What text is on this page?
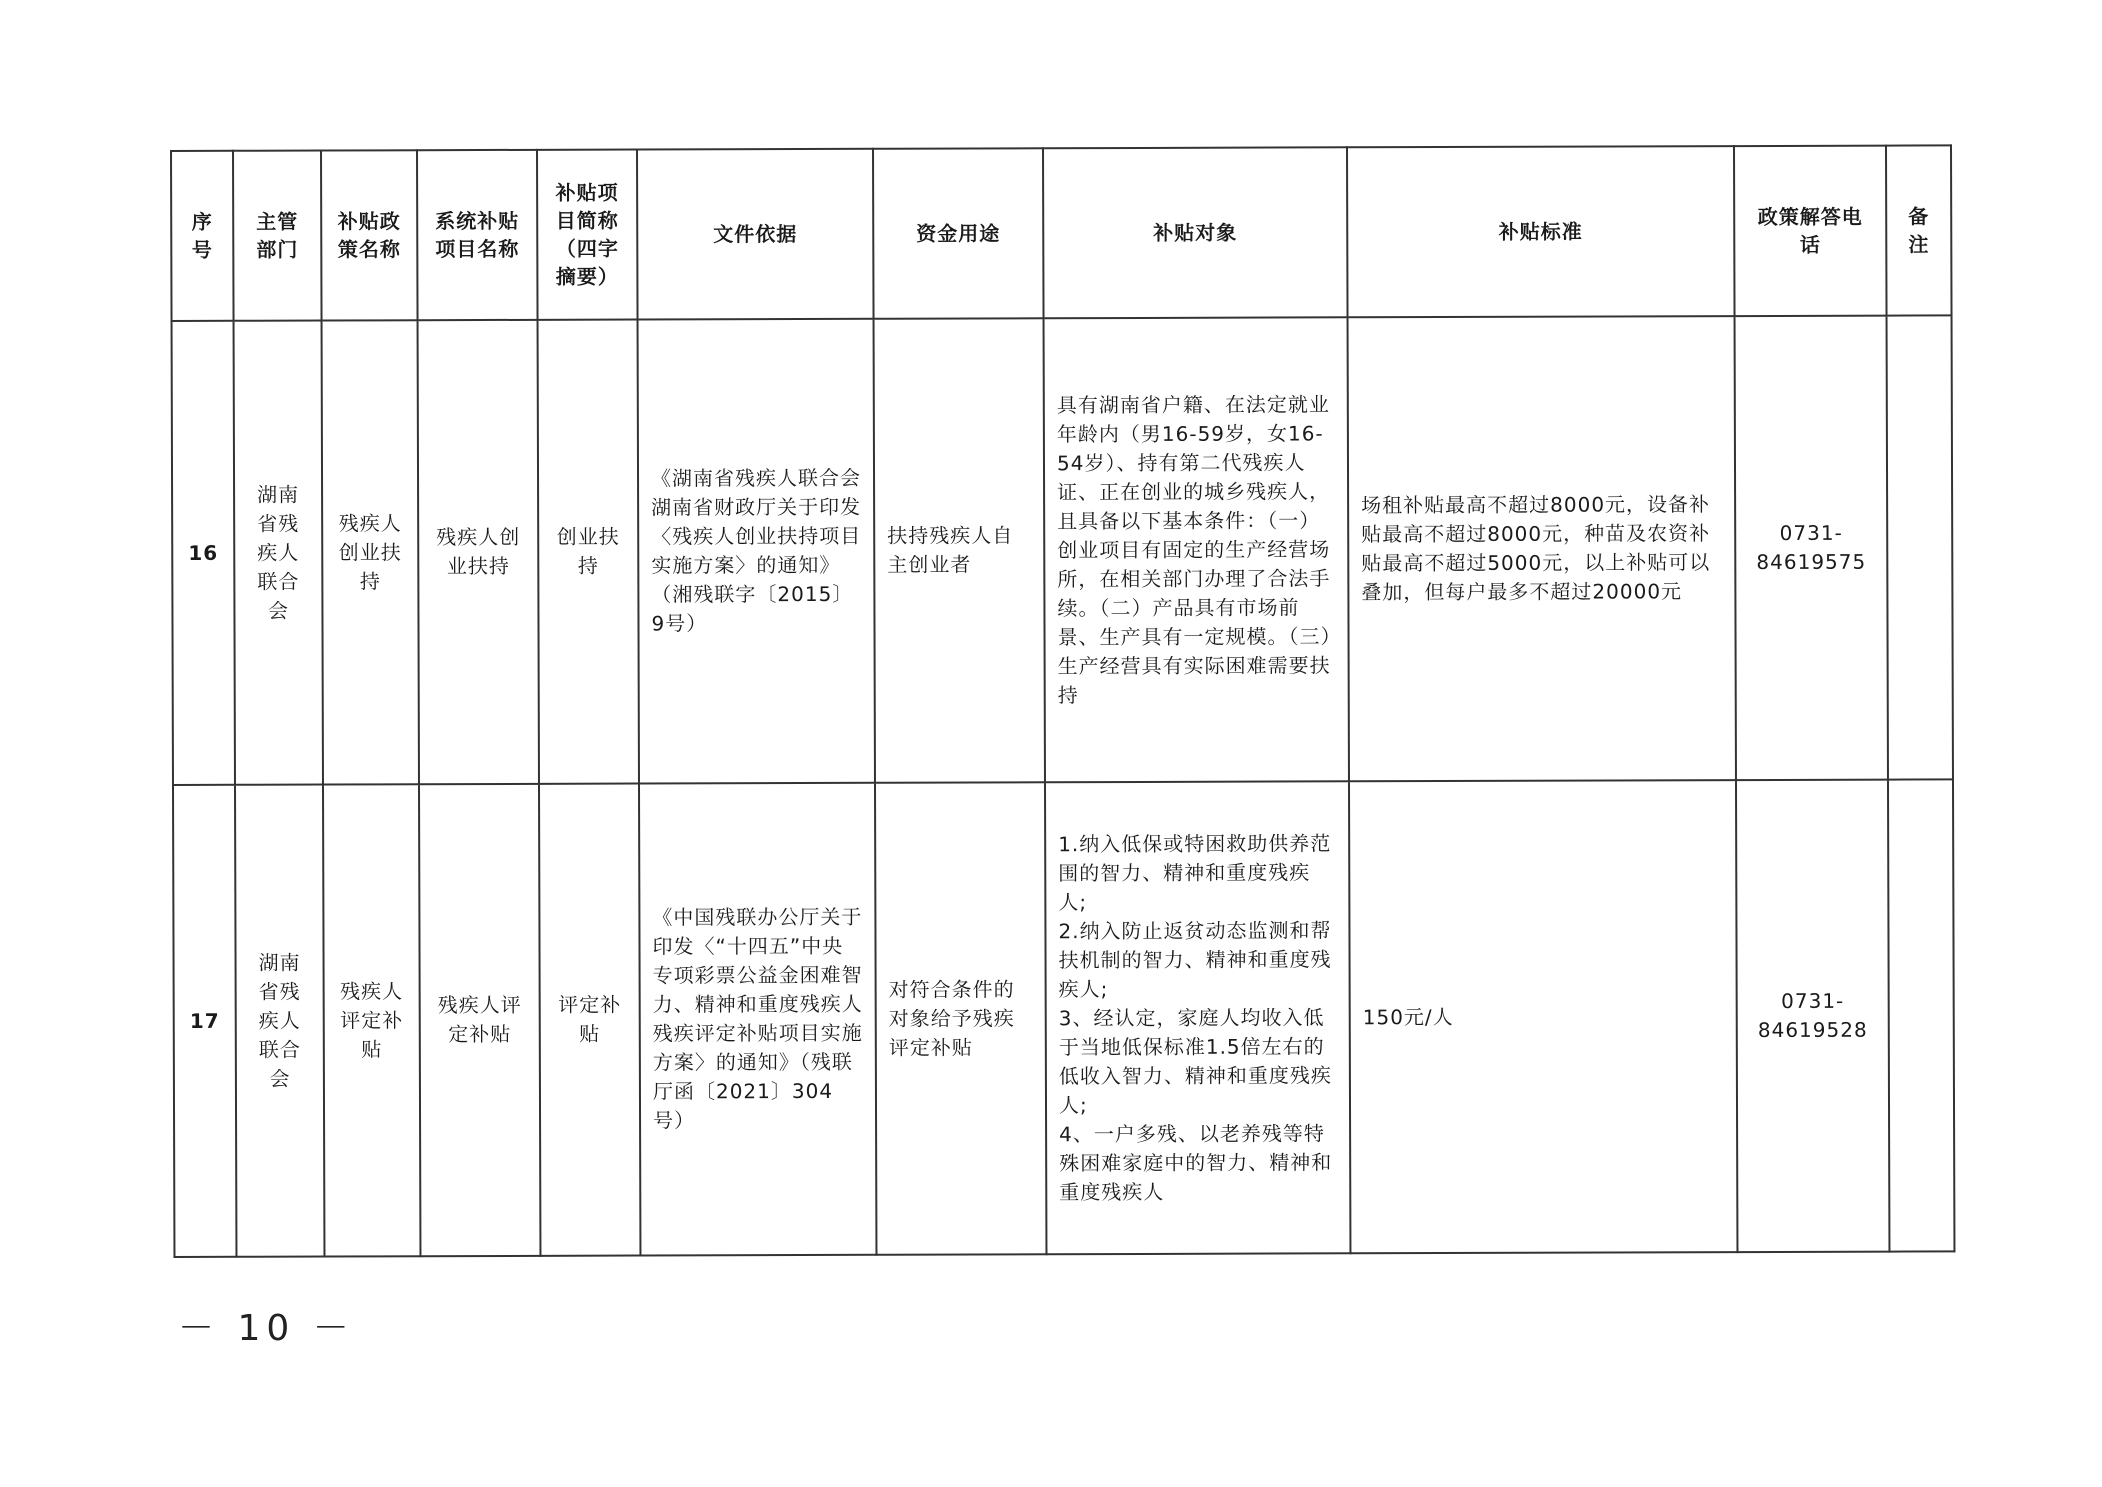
序号	主管部门	补贴政策名称	系统补贴项目名称	补贴项目简称（四字摘要）	文件依据	资金用途	补贴对象	补贴标准	政策解答电话	备注
16	湖南省残疾人联合会	残疾人创业扶持	残疾人创业扶持	创业扶持	《湖南省残疾人联合会 湖南省财政厅关于印发〈残疾人创业扶持项目实施方案〉的通知》（湘残联字〔2015〕9号）	扶持残疾人自主创业者	具有湖南省户籍、在法定就业年龄内（男16-59岁，女16-54岁）、持有第二代残疾人证、正在创业的城乡残疾人，且具备以下基本条件：（一）创业项目有固定的生产经营场所，在相关部门办理了合法手续。（二）产品具有市场前景、生产具有一定规模。（三）生产经营具有实际困难需要扶持	场租补贴最高不超过8000元，设备补贴最高不超过8000元，种苗及农资补贴最高不超过5000元，以上补贴可以叠加，但每户最多不超过20000元	0731-84619575	
17	湖南省残疾人联合会	残疾人评定补贴	残疾人评定补贴	评定补贴	《中国残联办公厅关于印发〈“十四五”中央专项彩票公益金困难智力、精神和重度残疾人残疾评定补贴项目实施方案〉的通知》（残联厅函〔2021〕304号）	对符合条件的对象给予残疾评定补贴	1.纳入低保或特困救助供养范围的智力、精神和重度残疾人;
2.纳入防止返贫动态监测和帮扶机制的智力、精神和重度残疾人;
3、经认定，家庭人均收入低于当地低保标准1.5倍左右的低收入智力、精神和重度残疾人;
4、一户多残、以老养残等特殊困难家庭中的智力、精神和重度残疾人	150元/人	0731-84619528	
－ 10 －
